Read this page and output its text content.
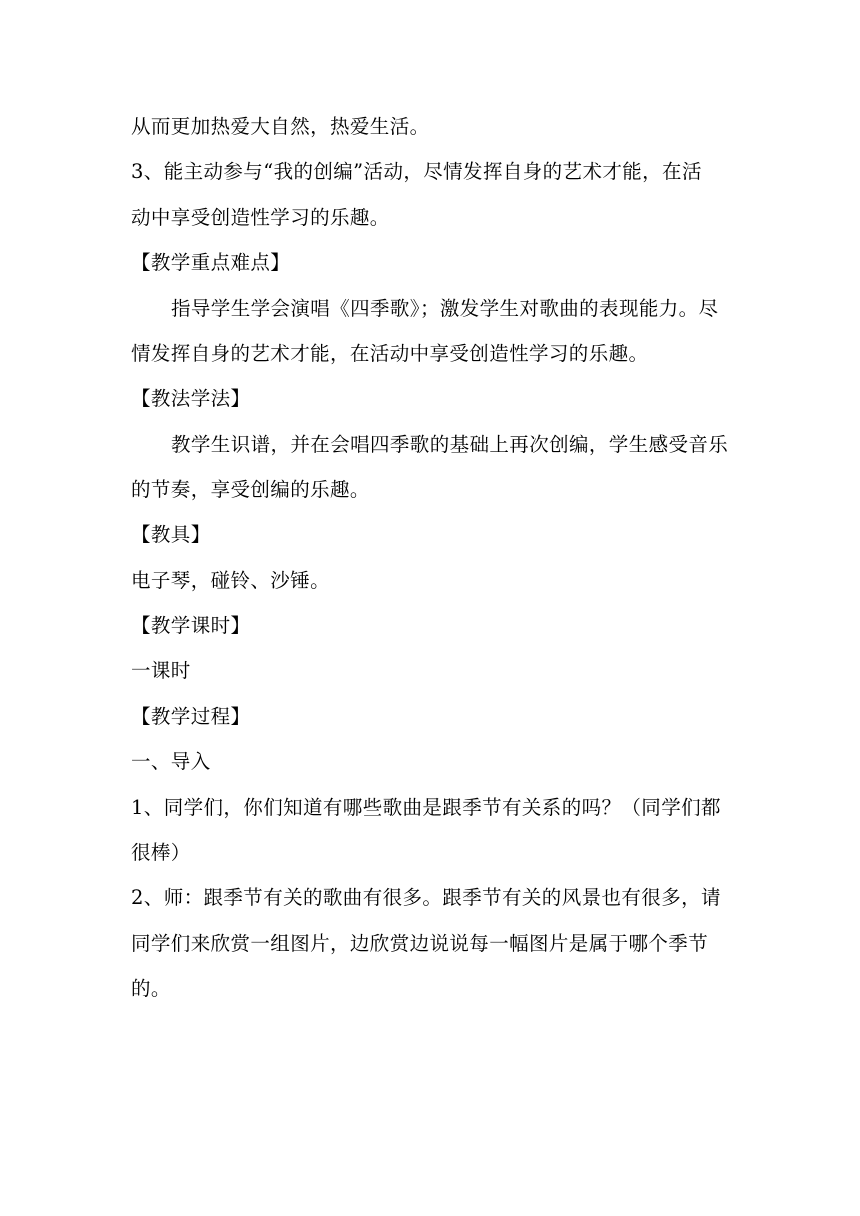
从而更加热爱大自然，热爱生活。
3、能主动参与“我的创编”活动，尽情发挥自身的艺术才能，在活
动中享受创造性学习的乐趣。
【教学重点难点】
指导学生学会演唱《四季歌》；激发学生对歌曲的表现能力。尽
情发挥自身的艺术才能，在活动中享受创造性学习的乐趣。
【教法学法】
教学生识谱，并在会唱四季歌的基础上再次创编，学生感受音乐
的节奏，享受创编的乐趣。
【教具】
电子琴，碰铃、沙锤。
【教学课时】
一课时
【教学过程】
一、导入
1、同学们，你们知道有哪些歌曲是跟季节有关系的吗？（同学们都
很棒）
2、师：跟季节有关的歌曲有很多。跟季节有关的风景也有很多，请
同学们来欣赏一组图片，边欣赏边说说每一幅图片是属于哪个季节
的。
